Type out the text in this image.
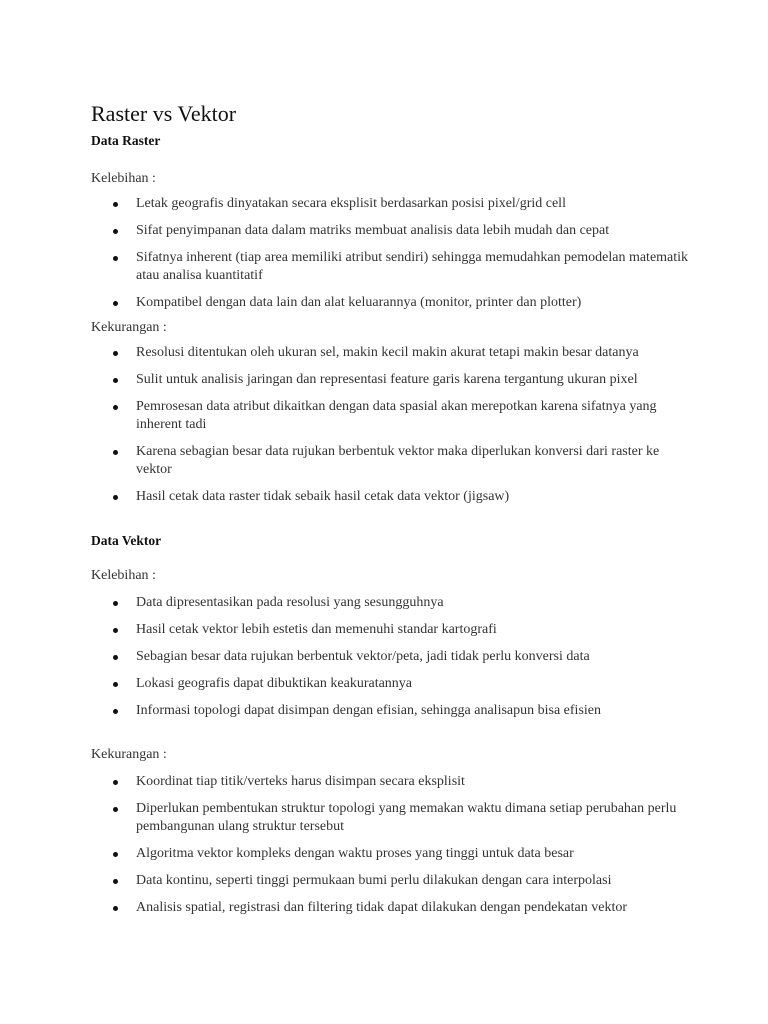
Raster vs Vektor
Data Raster

Kelebihan :

Letak geografis dinyatakan secara eksplisit berdasarkan posisi pixel/grid cell
Sifat penyimpanan data dalam matriks membuat analisis data lebih mudah dan cepat
Sifatnya inherent (tiap area memiliki atribut sendiri) sehingga memudahkan pemodelan matematik atau analisa kuantitatif
Kompatibel dengan data lain dan alat keluarannya (monitor, printer dan plotter)

Kekurangan :

Resolusi ditentukan oleh ukuran sel, makin kecil makin akurat tetapi makin besar datanya
Sulit untuk analisis jaringan dan representasi feature garis karena tergantung ukuran pixel
Pemrosesan data atribut dikaitkan dengan data spasial akan merepotkan karena sifatnya yang inherent tadi
Karena sebagian besar data rujukan berbentuk vektor maka diperlukan konversi dari raster ke vektor
Hasil cetak data raster tidak sebaik hasil cetak data vektor (jigsaw)
Data Vektor

Kelebihan :

Data dipresentasikan pada resolusi yang sesungguhnya
Hasil cetak vektor lebih estetis dan memenuhi standar kartografi
Sebagian besar data rujukan berbentuk vektor/peta, jadi tidak perlu konversi data
Lokasi geografis dapat dibuktikan keakuratannya
Informasi topologi dapat disimpan dengan efisian, sehingga analisapun bisa efisien

Kekurangan :

Koordinat tiap titik/verteks harus disimpan secara eksplisit
Diperlukan pembentukan struktur topologi yang memakan waktu dimana setiap perubahan perlu pembangunan ulang struktur tersebut
Algoritma vektor kompleks dengan waktu proses yang tinggi untuk data besar
Data kontinu, seperti tinggi permukaan bumi perlu dilakukan dengan cara interpolasi
Analisis spatial, registrasi dan filtering tidak dapat dilakukan dengan pendekatan vektor
